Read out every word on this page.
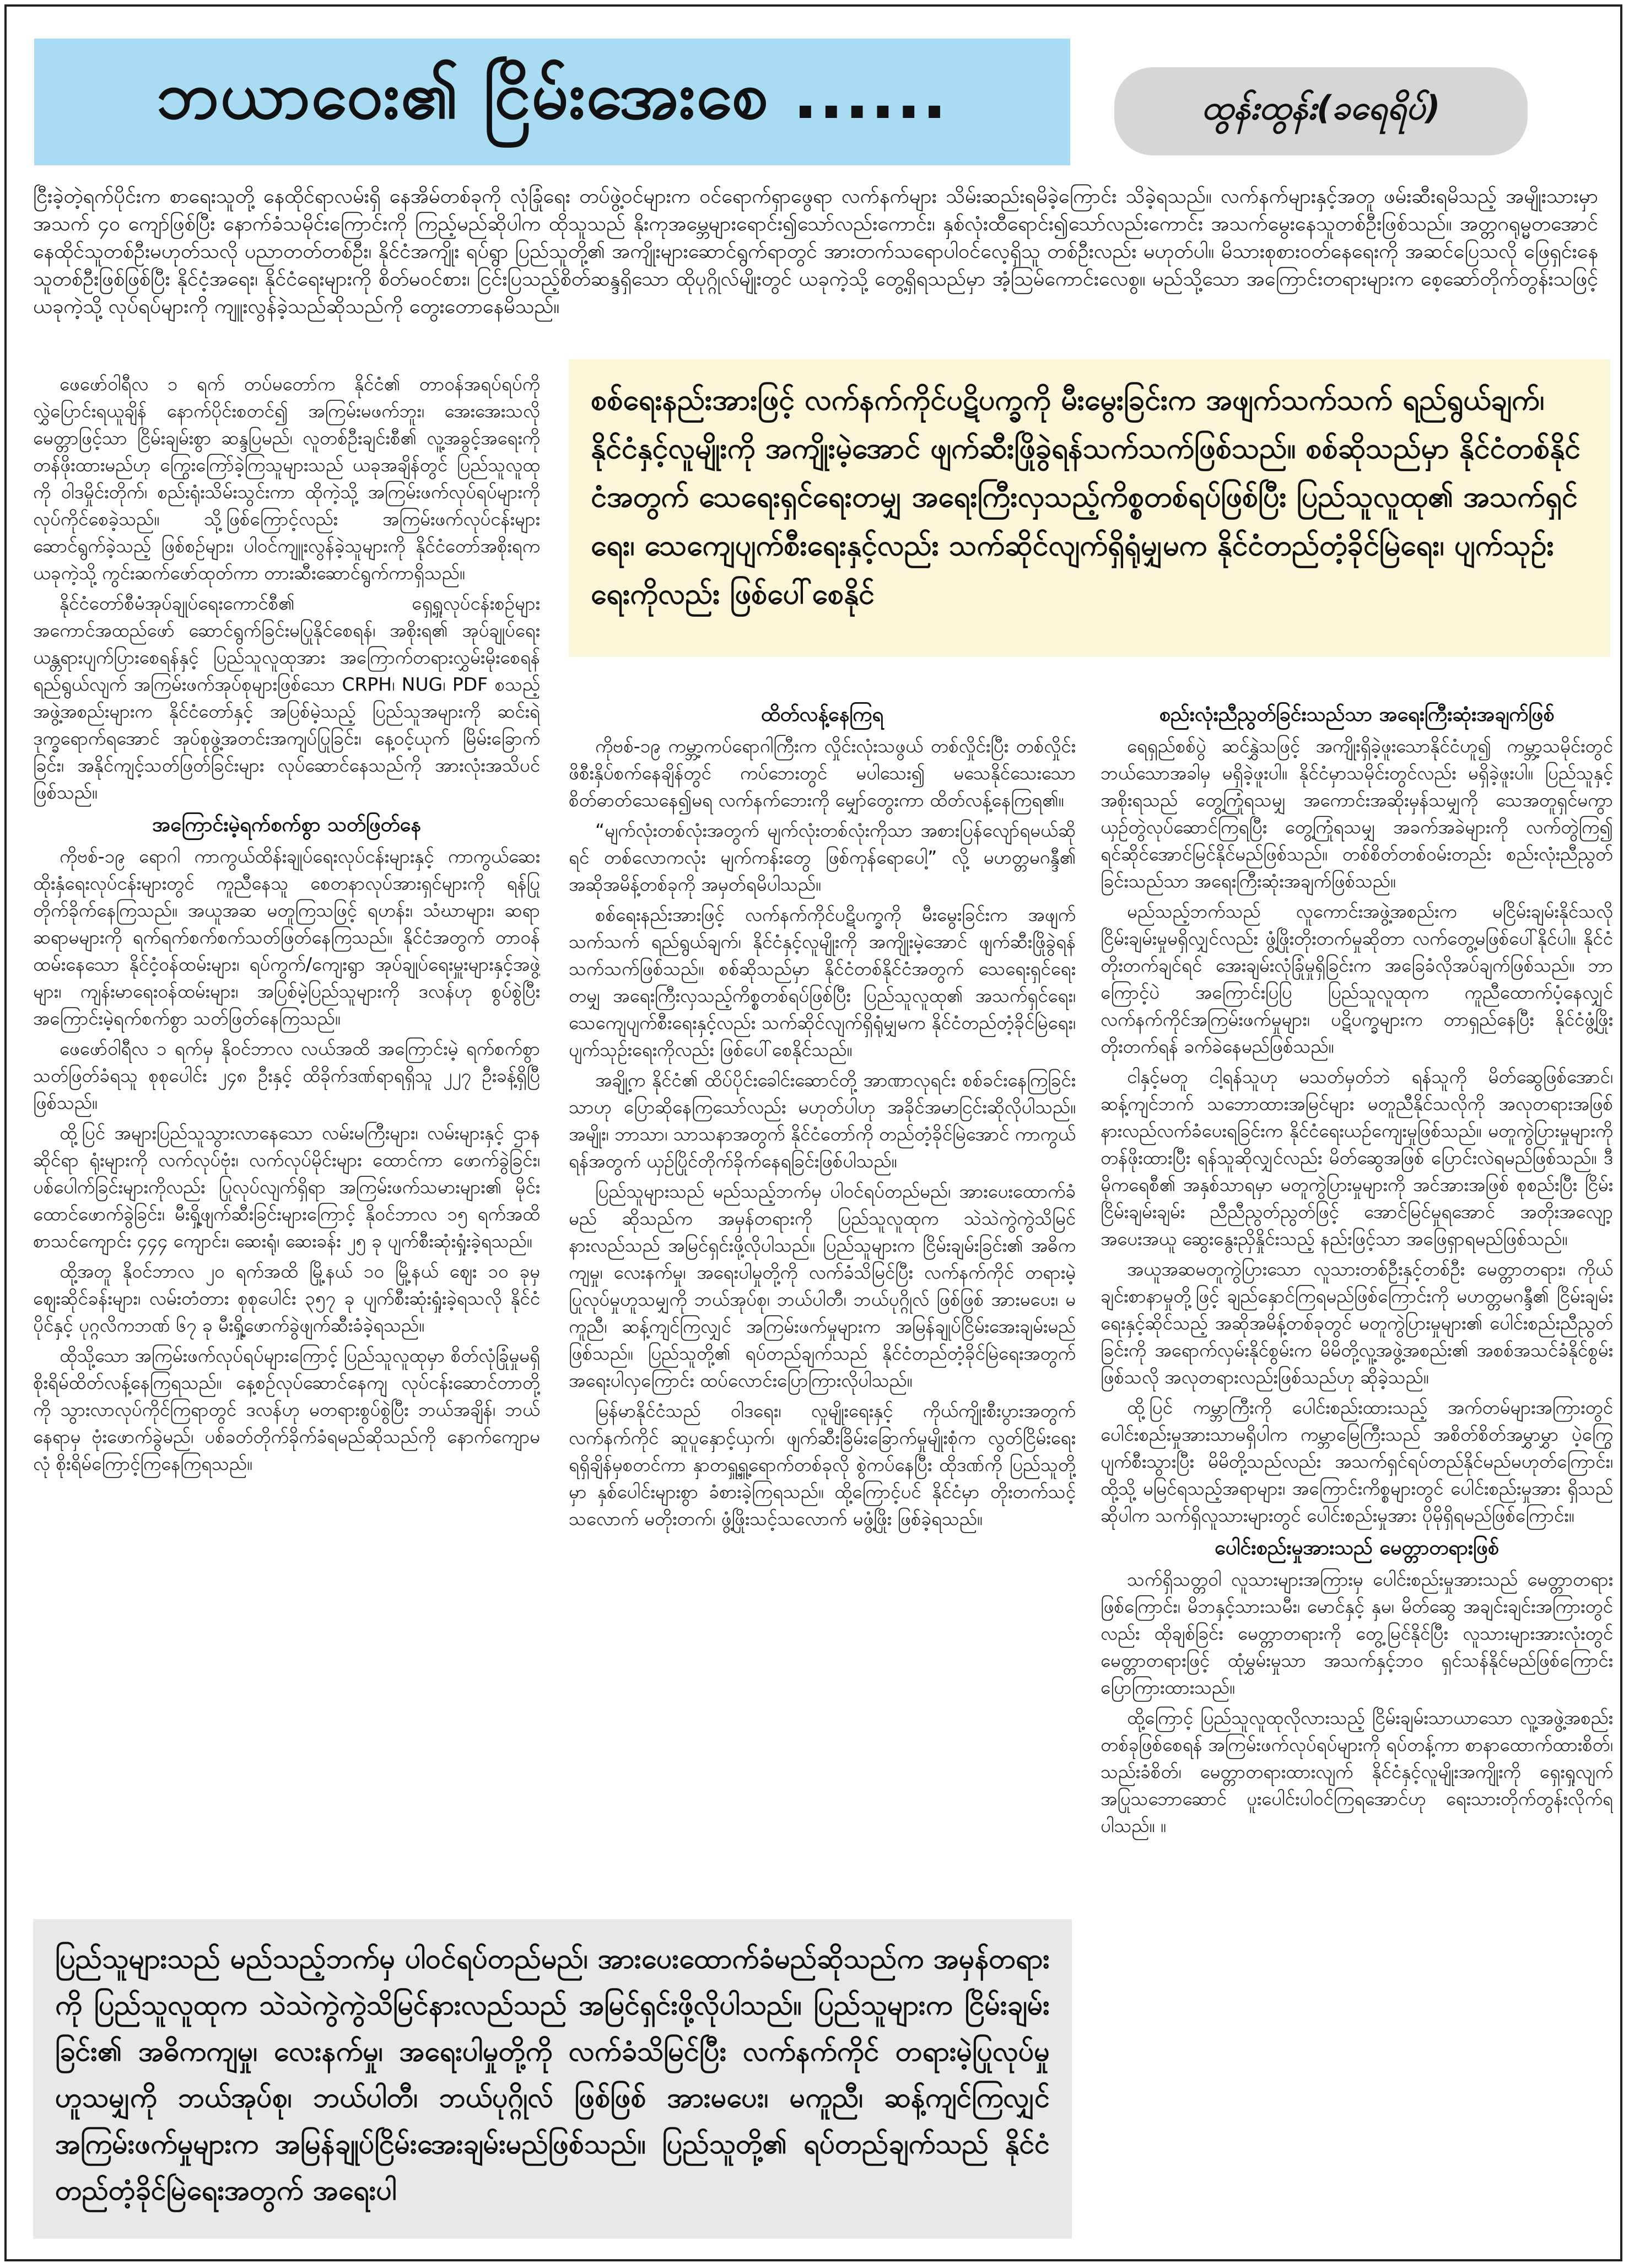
ဘယာဝေး၏ ငြိမ်းအေးစေ ......	ထွန်းထွန်း(ခရေရိပ်)
ငြီးခဲ့တဲ့ရက်ပိုင်းက စာရေးသူတို့ နေထိုင်ရာလမ်းရှိ နေအိမ်တစ်ခုကို လုံခြုံရေး တပ်ဖွဲ့ဝင်များက ဝင်ရောက်ရှာဖွေရာ လက်နက်များ သိမ်းဆည်းရမိခဲ့ကြောင်း သိခဲ့ရသည်။ လက်နက်များနှင့်အတူ ဖမ်းဆီးရမိသည့် အမျိုးသားမှာ အသက် ၄၀ ကျော်ဖြစ်ပြီး နောက်ခံသမိုင်းကြောင်းကို ကြည့်မည်ဆိုပါက ထိုသူသည် နိုးကုအမ္ဘေများရောင်း၍သော်လည်းကောင်း၊ နှစ်လုံးထီရောင်း၍သော်လည်းကောင်း အသက်မွေးနေသူတစ်ဦးဖြစ်သည်။ အတ္တဂရုမ္မတအောင် နေထိုင်သူတစ်ဦးမဟုတ်သလို ပညာတတ်တစ်ဦး၊ နိုင်ငံအကျိုး ရပ်ရွာ ပြည်သူတို့၏ အကျိုးများဆောင်ရွက်ရာတွင် အားတက်သရောပါဝင်လေ့ရှိသူ တစ်ဦးလည်း မဟုတ်ပါ။ မိသားစုစားဝတ်နေရေးကို အဆင်ပြေသလို ဖြေရှင်းနေသူတစ်ဦးဖြစ်ဖြစ်ပြီး နိုင်ငံ့အရေး၊ နိုင်ငံရေးများကို စိတ်မဝင်စား၊ ငြင်းပြသည့်စိတ်ဆန္ဒရှိသော ထိုပုဂ္ဂိုလ်မျိုးတွင် ယခုကဲ့သို့ တွေ့ရှိရသည်မှာ အံ့ဩမ်ကောင်းလေစွ။ မည်သို့သော အကြောင်းတရားများက စေ့ဆော်တိုက်တွန်းသဖြင့် ယခုကဲ့သို့ လုပ်ရပ်များကို ကျူးလွန်ခဲ့သည်ဆိုသည်ကို တွေးတောနေမိသည်။

ဖေဖော်ဝါရီလ ၁ ရက် တပ်မတော်က နိုင်ငံ၏ တာဝန်အရပ်ရပ်ကို လွှဲပြောင်းရယူချိန် နောက်ပိုင်းစတင်၍ အကြမ်းမဖက်ဘူး၊ အေးအေးသလို မေတ္တာဖြင့်သာ ငြိမ်းချမ်းစွာ ဆန္ဒပြမည်၊ လူတစ်ဦးချင်းစီ၏ လူ့အခွင့်အရေးကို တန်ဖိုးထားမည်ဟု ကြွေးကြော်ခဲ့ကြသူများသည် ယခုအချိန်တွင် ပြည်သူလူထုကို ဝါဒမှိုင်းတိုက်၊ စည်းရုံးသိမ်းသွင်းကာ ထိုကဲ့သို့ အကြမ်းဖက်လုပ်ရပ်များကို လုပ်ကိုင်စေခဲ့သည်။ သို့ဖြစ်ကြောင့်လည်း အကြမ်းဖက်လုပ်ငန်းများ ဆောင်ရွက်ခဲ့သည့် ဖြစ်စဉ်များ၊ ပါဝင်ကျူးလွန်ခဲ့သူများကို နိုင်ငံတော်အစိုးရက ယခုကဲ့သို့ ကွင်းဆက်ဖော်ထုတ်ကာ တားဆီးဆောင်ရွက်ကာရှိသည်။

နိုင်ငံတော်စီမံအုပ်ချုပ်ရေးကောင်စီ၏ ရှေ့ရှုလုပ်ငန်းစဉ်များ အကောင်အထည်ဖော် ဆောင်ရွက်ခြင်းမပြုနိုင်စေရန်၊ အစိုးရ၏ အုပ်ချုပ်ရေးယန္တရားပျက်ပြားစေရန်နှင့် ပြည်သူလူထုအား အကြောက်တရားလွှမ်းမိုးစေရန် ရည်ရွယ်လျက် အကြမ်းဖက်အုပ်စုများဖြစ်သော CRPH၊ NUG၊ PDF စသည့်အဖွဲ့အစည်းများက နိုင်ငံတော်နှင့် အပြစ်မဲ့သည့် ပြည်သူအများကို ဆင်းရဲဒုက္ခရောက်ရအောင် အုပ်စုဖွဲ့အတင်းအကျပ်ပြုခြင်း၊ နေ့ဝင့်ယုက် မြိမ်းခြောက်ခြင်း၊ အနိုင်ကျင့်သတ်ဖြတ်ခြင်းများ လုပ်ဆောင်နေသည်ကို အားလုံးအသိပင်ဖြစ်သည်။

အကြောင်းမဲ့ရက်စက်စွာ သတ်ဖြတ်နေ

ကိုဗစ်-၁၉ ရောဂါ ကာကွယ်ထိန်းချုပ်ရေးလုပ်ငန်းများနှင့် ကာကွယ်ဆေး ထိုးနှံရေးလုပ်ငန်းများတွင် ကူညီနေသူ စေတနာလုပ်အားရှင်များကို ရန်ပြုတိုက်ခိုက်နေကြသည်။ အယူအဆ မတူကြသဖြင့် ရဟန်း၊ သံဃာများ၊ ဆရာ ဆရာမများကို ရက်ရက်စက်စက်သတ်ဖြတ်နေကြသည်။ နိုင်ငံအတွက် တာဝန်ထမ်းနေသော နိုင်ငံ့ဝန်ထမ်းများ၊ ရပ်ကွက်/ကျေးရွာ အုပ်ချုပ်ရေးမှူးများနှင့်အဖွဲ့များ၊ ကျန်းမာရေးဝန်ထမ်းများ၊ အပြစ်မဲ့ပြည်သူများကို ဒလန်ဟု စွပ်စွဲပြီး အကြောင်းမဲ့ရက်စက်စွာ သတ်ဖြတ်နေကြသည်။

ဖေဖော်ဝါရီလ ၁ ရက်မှ နိုဝင်ဘာလ လယ်အထိ အကြောင်းမဲ့ ရက်စက်စွာ သတ်ဖြတ်ခံရသူ စုစုပေါင်း ၂၄၈ ဦးနှင့် ထိခိုက်ဒဏ်ရာရရှိသူ ၂၂၇ ဦးခန့်ရှိပြီဖြစ်သည်။

ထို့ပြင် အများပြည်သူသွားလာနေသော လမ်းမကြီးများ၊ လမ်းများနှင့် ဌာနဆိုင်ရာ ရုံးများကို လက်လုပ်ဗုံး၊ လက်လုပ်မိုင်းများ ထောင်ကာ ဖောက်ခွဲခြင်း၊ ပစ်ပေါက်ခြင်းများကိုလည်း ပြုလုပ်လျက်ရှိရာ အကြမ်းဖက်သမားများ၏ မိုင်းထောင်ဖောက်ခွဲခြင်း၊ မီးရှို့ဖျက်ဆီးခြင်းများကြောင့် နိုဝင်ဘာလ ၁၅ ရက်အထိ စာသင်ကျောင်း ၄၄၄ ကျောင်း၊ ဆေးရုံ၊ ဆေးခန်း ၂၅ ခု ပျက်စီးဆုံးရှုံးခဲ့ရသည်။

ထို့အတူ နိုဝင်ဘာလ ၂၀ ရက်အထိ မြို့နယ် ၁၀ မြို့နယ် ဈေး ၁၀ ခုမှ ဈေးဆိုင်ခန်းများ၊ လမ်းတံတား စုစုပေါင်း ၃၅၇ ခု ပျက်စီးဆုံးရှုံးခဲ့ရသလို နိုင်ငံပိုင်နှင့် ပုဂ္ဂလိကဘဏ် ၆၇ ခု မီးရှို့ဖောက်ခွဲဖျက်ဆီးခံခဲ့ရသည်။

ထိုသို့သော အကြမ်းဖက်လုပ်ရပ်များကြောင့် ပြည်သူလူထုမှာ စိတ်လုံခြုံမှုမရှိ စိုးရိမ်ထိတ်လန့်နေကြရသည်။ နေ့စဉ်လုပ်ဆောင်နေကျ လုပ်ငန်းဆောင်တာတို့ကို သွားလာလုပ်ကိုင်ကြရာတွင် ဒလန်ဟု မတရားစွပ်စွဲပြီး ဘယ်အချိန်၊ ဘယ်နေရာမှ ဗုံးဖောက်ခွဲမည်၊ ပစ်ခတ်တိုက်ခိုက်ခံရမည်ဆိုသည်ကို နောက်ကျောမလုံ စိုးရိမ်ကြောင့်ကြနေကြရသည်။

စစ်ရေးနည်းအားဖြင့် လက်နက်ကိုင်ပဋိပက္ခကို မီးမွေးခြင်းက အဖျက်သက်သက် ရည်ရွယ်ချက်၊ နိုင်ငံနှင့်လူမျိုးကို အကျိုးမဲ့အောင် ဖျက်ဆီးဖြိုခွဲရန်သက်သက်ဖြစ်သည်။ စစ်ဆိုသည်မှာ နိုင်ငံတစ်နိုင်ငံအတွက် သေရေးရှင်ရေးတမျှ အရေးကြီးလှသည့်ကိစ္စတစ်ရပ်ဖြစ်ပြီး ပြည်သူလူထု၏ အသက်ရှင်ရေး၊ သေကျေပျက်စီးရေးနှင့်လည်း သက်ဆိုင်လျက်ရှိရုံမျှမက နိုင်ငံတည်တံ့ခိုင်မြဲရေး၊ ပျက်သုဉ်းရေးကိုလည်း ဖြစ်ပေါ်စေနိုင်
ထိတ်လန့်နေကြရ

ကိုဗစ်-၁၉ ကမ္ဘာ့ကပ်ရောဂါကြီးက လှိုင်းလုံးသဖွယ် တစ်လှိုင်းပြီး တစ်လှိုင်း ဖိစီးနှိပ်စက်နေချိန်တွင် ကပ်ဘေးတွင် မပါသေး၍ မသေနိုင်သေးသော စိတ်ဓာတ်သေနေ၍မရ လက်နက်ဘေးကို မျှော်တွေးကာ ထိတ်လန့်နေကြရ၏။

“မျက်လုံးတစ်လုံးအတွက် မျက်လုံးတစ်လုံးကိုသာ အစားပြန်လျော်ရမယ်ဆိုရင် တစ်လောကလုံး မျက်ကန်းတွေ ဖြစ်ကုန်ရောပေါ့” လို့ မဟတ္တမဂန္ဒီ၏ အဆိုအမိန့်တစ်ခုကို အမှတ်ရမိပါသည်။

စစ်ရေးနည်းအားဖြင့် လက်နက်ကိုင်ပဋိပက္ခကို မီးမွေးခြင်းက အဖျက်သက်သက် ရည်ရွယ်ချက်၊ နိုင်ငံနှင့်လူမျိုးကို အကျိုးမဲ့အောင် ဖျက်ဆီးဖြိုခွဲရန်သက်သက်ဖြစ်သည်။ စစ်ဆိုသည်မှာ နိုင်ငံတစ်နိုင်ငံအတွက် သေရေးရှင်ရေးတမျှ အရေးကြီးလှသည့်ကိစ္စတစ်ရပ်ဖြစ်ပြီး ပြည်သူလူထု၏ အသက်ရှင်ရေး၊ သေကျေပျက်စီးရေးနှင့်လည်း သက်ဆိုင်လျက်ရှိရုံမျှမက နိုင်ငံတည်တံ့ခိုင်မြဲရေး၊ ပျက်သုဉ်းရေးကိုလည်း ဖြစ်ပေါ်စေနိုင်သည်။

အချို့က နိုင်ငံ၏ ထိပ်ပိုင်းခေါင်းဆောင်တို့ အာဏာလုရင်း စစ်ခင်းနေကြခြင်းသာဟု ပြောဆိုနေကြသော်လည်း မဟုတ်ပါဟု အခိုင်အမာငြင်းဆိုလိုပါသည်။ အမျိုး၊ ဘာသာ၊ သာသနာအတွက် နိုင်ငံတော်ကို တည်တံ့ခိုင်မြဲအောင် ကာကွယ်ရန်အတွက် ယှဉ်ပြိုင်တိုက်ခိုက်နေရခြင်းဖြစ်ပါသည်။

ပြည်သူများသည် မည်သည့်ဘက်မှ ပါဝင်ရပ်တည်မည်၊ အားပေးထောက်ခံမည် ဆိုသည်က အမှန်တရားကို ပြည်သူလူထုက သဲသဲကွဲကွဲသိမြင်နားလည်သည် အမြင်ရှင်းဖို့လိုပါသည်။ ပြည်သူများက ငြိမ်းချမ်းခြင်း၏ အဓိကကျမှု၊ လေးနက်မှု၊ အရေးပါမှုတို့ကို လက်ခံသိမြင်ပြီး လက်နက်ကိုင် တရားမဲ့ပြုလုပ်မှုဟူသမျှကို ဘယ်အုပ်စု၊ ဘယ်ပါတီ၊ ဘယ်ပုဂ္ဂိုလ် ဖြစ်ဖြစ် အားမပေး၊ မကူညီ၊ ဆန့်ကျင်ကြလျှင် အကြမ်းဖက်မှုများက အမြန်ချုပ်ငြိမ်းအေးချမ်းမည် ဖြစ်သည်။ ပြည်သူတို့၏ ရပ်တည်ချက်သည် နိုင်ငံတည်တံ့ခိုင်မြဲရေးအတွက် အရေးပါလှကြောင်း ထပ်လောင်းပြောကြားလိုပါသည်။

မြန်မာနိုင်ငံသည် ဝါဒရေး၊ လူမျိုးရေးနှင့် ကိုယ်ကျိုးစီးပွားအတွက် လက်နက်ကိုင် ဆူပူနှောင့်ယှက်၊ ဖျက်ဆီးခြိမ်းခြောက်မှုမျိုးစုံက လွတ်ငြိမ်းရေးရရှိချိန်မှစတင်ကာ နှာတရှူ့ရှူ့ရောက်တစ်ခုလို စွဲကပ်နေပြီး ထိုဒဏ်ကို ပြည်သူတို့မှာ နှစ်ပေါင်းများစွာ ခံစားခဲ့ကြရသည်။ ထို့ကြောင့်ပင် နိုင်ငံမှာ တိုးတက်သင့်သလောက် မတိုးတက်၊ ဖွံ့ဖြိုးသင့်သလောက် မဖွံ့ဖြိုး ဖြစ်ခဲ့ရသည်။

စည်းလုံးညီညွတ်ခြင်းသည်သာ အရေးကြီးဆုံးအချက်ဖြစ်

ရေရှည်စစ်ပွဲ ဆင်နွှဲသဖြင့် အကျိုးရှိခဲ့ဖူးသောနိုင်ငံဟူ၍ ကမ္ဘာ့သမိုင်းတွင် ဘယ်သောအခါမှ မရှိခဲ့ဖူးပါ။ နိုင်ငံမှာသမိုင်းတွင်လည်း မရှိခဲ့ဖူးပါ။ ပြည်သူနှင့်အစိုးရသည် တွေ့ကြုံရသမျှ အကောင်းအဆိုးမှန်သမျှကို သေအတူရှင်မကွာ ယှဉ်တွဲလုပ်ဆောင်ကြရပြီး တွေ့ကြုံရသမျှ အခက်အခဲများကို လက်တွဲကြ၍ ရင်ဆိုင်အောင်မြင်နိုင်မည်ဖြစ်သည်။ တစ်စိတ်တစ်ဝမ်းတည်း စည်းလုံးညီညွတ်ခြင်းသည်သာ အရေးကြီးဆုံးအချက်ဖြစ်သည်။

မည်သည့်ဘက်သည် လူကောင်းအဖွဲ့အစည်းက မငြိမ်းချမ်းနိုင်သလို ငြိမ်းချမ်းမှုမရှိလျှင်လည်း ဖွံ့ဖြိုးတိုးတက်မှုဆိုတာ လက်တွေ့မဖြစ်ပေါ်နိုင်ပါ။ နိုင်ငံတိုးတက်ချင်ရင် အေးချမ်းလုံခြုံမှုရှိခြင်းက အခြေခံလိုအပ်ချက်ဖြစ်သည်။ ဘာကြောင့်ပဲ အကြောင်းပြပြ ပြည်သူလူထုက ကူညီထောက်ပံ့နေလျှင် လက်နက်ကိုင်အကြမ်းဖက်မှုများ၊ ပဋိပက္ခများက တာရှည်နေပြီး နိုင်ငံဖွံ့ဖြိုးတိုးတက်ရန် ခက်ခဲနေမည်ဖြစ်သည်။

ငါနှင့်မတူ ငါ့ရန်သူဟု မသတ်မှတ်ဘဲ ရန်သူကို မိတ်ဆွေဖြစ်အောင်၊ ဆန့်ကျင်ဘက် သဘောထားအမြင်များ မတူညီနိုင်သလိုကို အလုတရားအဖြစ် နားလည်လက်ခံပေးရခြင်းက နိုင်ငံရေးယဉ်ကျေးမှုဖြစ်သည်။ မတူကွဲပြားမှုများကို တန်ဖိုးထားပြီး ရန်သူဆိုလျှင်လည်း မိတ်ဆွေအဖြစ် ပြောင်းလဲရမည်ဖြစ်သည်။ ဒီမိုကရေစီ၏ အနှစ်သာရမှာ မတူကွဲပြားမှုများကို အင်အားအဖြစ် စုစည်းပြီး ငြိမ်းငြိမ်းချမ်းချမ်း ညီညီညွတ်ညွတ်ဖြင့် အောင်မြင်မှုရအောင် အတိုးအလျော့ အပေးအယူ ဆွေးနွေးညှိနှိုင်းသည့် နည်းဖြင့်သာ အဖြေရှာရမည်ဖြစ်သည်။

အယူအဆမတူကွဲပြားသော လူသားတစ်ဦးနှင့်တစ်ဦး မေတ္တာတရား၊ ကိုယ်ချင်းစာနာမှုတို့ဖြင့် ချည်နှောင်ကြရမည်ဖြစ်ကြောင်းကို မဟတ္တမဂန္ဒီ၏ ငြိမ်းချမ်းရေးနှင့်ဆိုင်သည့် အဆိုအမိန့်တစ်ခုတွင် မတူကွဲပြားမှုများ၏ ပေါင်းစည်းညီညွတ်ခြင်းကို အရောက်လှမ်းနိုင်စွမ်းက မိမိတို့လူ့အဖွဲ့အစည်း၏ အစစ်အသင်ခံနိုင်စွမ်းဖြစ်သလို အလုတရားလည်းဖြစ်သည်ဟု ဆိုခဲ့သည်။

ထို့ပြင် ကမ္ဘာကြီးကို ပေါင်းစည်းထားသည့် အက်တမ်များအကြားတွင် ပေါင်းစည်းမှုအားသာမရှိပါက ကမ္ဘာမြေကြီးသည် အစိတ်စိတ်အမွှာမွှာ ပဲ့ကြွေပျက်စီးသွားပြီး မိမိတို့သည်လည်း အသက်ရှင်ရပ်တည်နိုင်မည်မဟုတ်ကြောင်း၊ ထို့သို့ မမြင်ရသည့်အရာများ၊ အကြောင်းကိစ္စများတွင် ပေါင်းစည်းမှုအား ရှိသည်ဆိုပါက သက်ရှိလူသားများတွင် ပေါင်းစည်းမှုအား ပိုမိုရှိရမည်ဖြစ်ကြောင်း။

ပေါင်းစည်းမှုအားသည် မေတ္တာတရားဖြစ်

သက်ရှိသတ္တဝါ လူသားများအကြားမှ ပေါင်းစည်းမှုအားသည် မေတ္တာတရားဖြစ်ကြောင်း၊ မိဘနှင့်သားသမီး၊ မောင်နှင့် နှမ၊ မိတ်ဆွေ အချင်းချင်းအကြားတွင်လည်း ထိုချစ်ခြင်း မေတ္တာတရားကို တွေ့မြင်နိုင်ပြီး လူသားများအားလုံးတွင် မေတ္တာတရားဖြင့် ထုံမွှမ်းမှုသာ အသက်နှင့်ဘဝ ရှင်သန်နိုင်မည်ဖြစ်ကြောင်း ပြောကြားထားသည်။

ထို့ကြောင့် ပြည်သူလူထုလိုလားသည့် ငြိမ်းချမ်းသာယာသော လူ့အဖွဲ့အစည်းတစ်ခုဖြစ်စေရန် အကြမ်းဖက်လုပ်ရပ်များကို ရပ်တန့်ကာ စာနာထောက်ထားစိတ်၊ သည်းခံစိတ်၊ မေတ္တာတရားထားလျက် နိုင်ငံနှင့်လူမျိုးအကျိုးကို ရှေးရှုလျက် အပြုသဘောဆောင် ပူးပေါင်းပါဝင်ကြရအောင်ဟု ရေးသားတိုက်တွန်းလိုက်ရပါသည်။ ။

ပြည်သူများသည် မည်သည့်ဘက်မှ ပါဝင်ရပ်တည်မည်၊ အားပေးထောက်ခံမည်ဆိုသည်က အမှန်တရားကို ပြည်သူလူထုက သဲသဲကွဲကွဲသိမြင်နားလည်သည် အမြင်ရှင်းဖို့လိုပါသည်။ ပြည်သူများက ငြိမ်းချမ်းခြင်း၏ အဓိကကျမှု၊ လေးနက်မှု၊ အရေးပါမှုတို့ကို လက်ခံသိမြင်ပြီး လက်နက်ကိုင် တရားမဲ့ပြုလုပ်မှုဟူသမျှကို ဘယ်အုပ်စု၊ ဘယ်ပါတီ၊ ဘယ်ပုဂ္ဂိုလ် ဖြစ်ဖြစ် အားမပေး၊ မကူညီ၊ ဆန့်ကျင်ကြလျှင် အကြမ်းဖက်မှုများက အမြန်ချုပ်ငြိမ်းအေးချမ်းမည်ဖြစ်သည်။ ပြည်သူတို့၏ ရပ်တည်ချက်သည် နိုင်ငံတည်တံ့ခိုင်မြဲရေးအတွက် အရေးပါ
